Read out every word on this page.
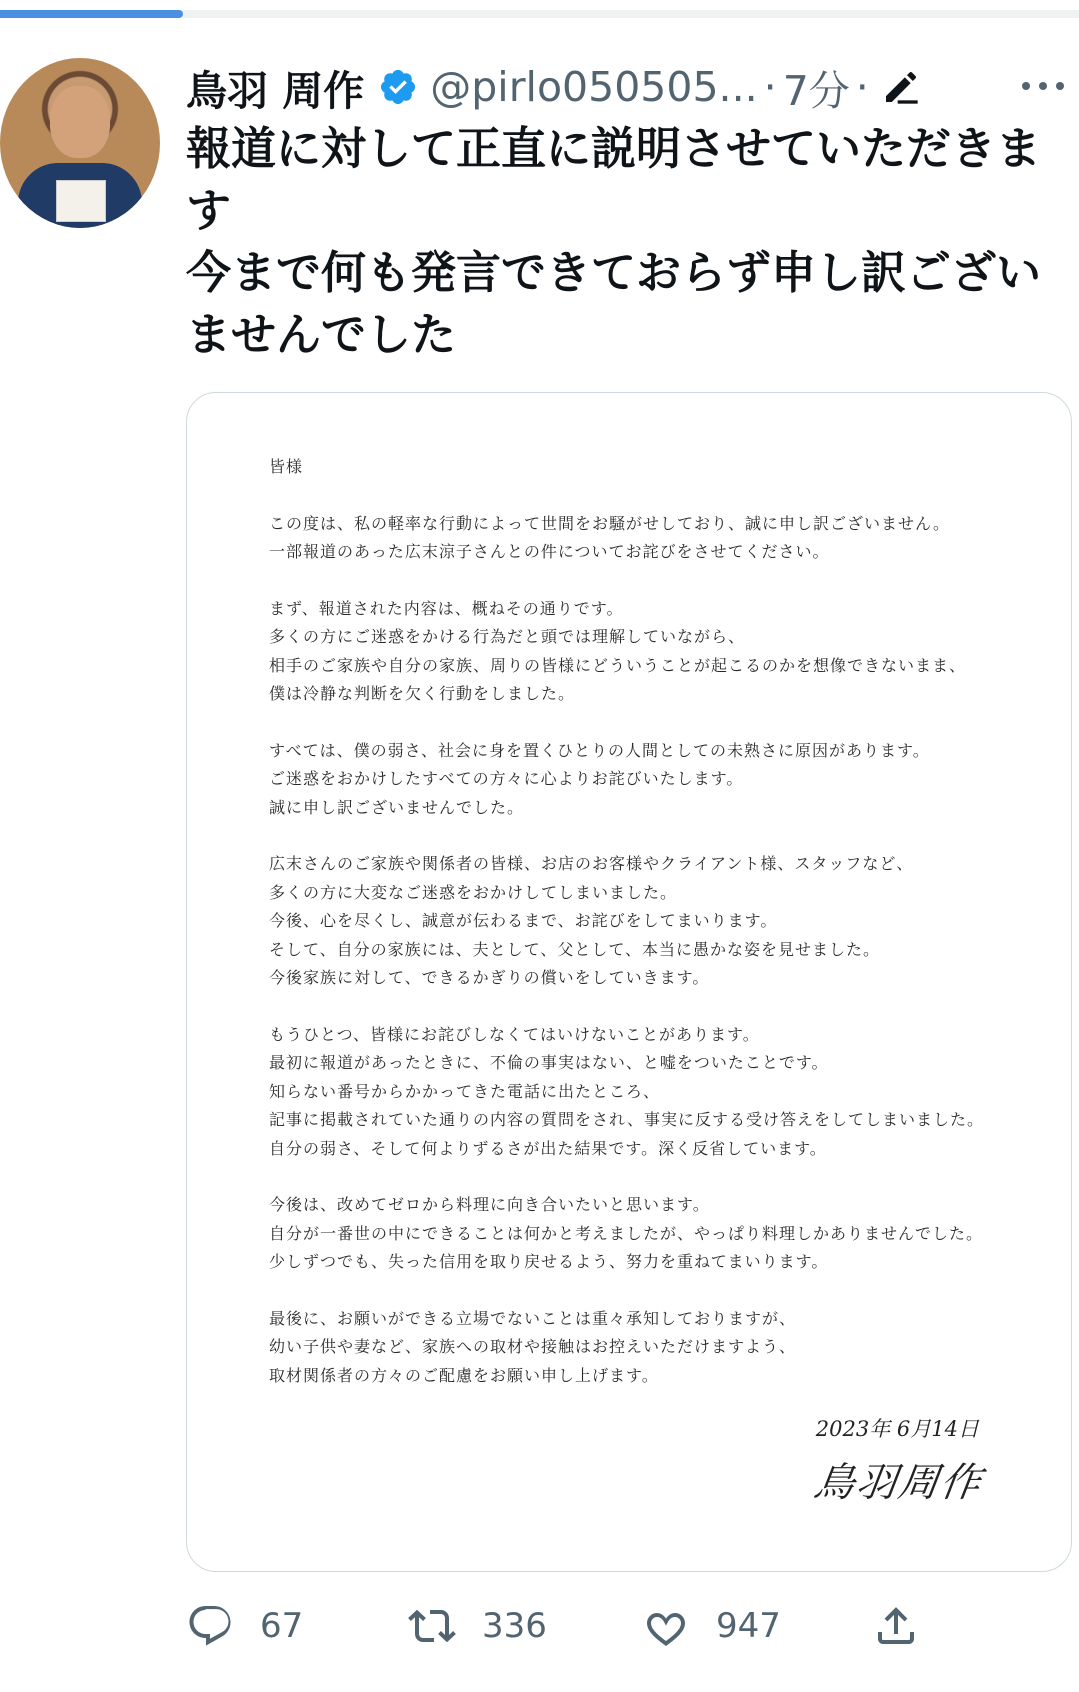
鳥羽 周作 @pirlo050505... · 7分 ·
報道に対して正直に説明させていただきます
今まで何も発言できておらず申し訳ございませんでした

皆様

この度は、私の軽率な行動によって世間をお騒がせしており、誠に申し訳ございません。
一部報道のあった広末涼子さんとの件についてお詫びをさせてください。

まず、報道された内容は、概ねその通りです。
多くの方にご迷惑をかける行為だと頭では理解していながら、
相手のご家族や自分の家族、周りの皆様にどういうことが起こるのかを想像できないまま、
僕は冷静な判断を欠く行動をしました。

すべては、僕の弱さ、社会に身を置くひとりの人間としての未熟さに原因があります。
ご迷惑をおかけしたすべての方々に心よりお詫びいたします。
誠に申し訳ございませんでした。

広末さんのご家族や関係者の皆様、お店のお客様やクライアント様、スタッフなど、
多くの方に大変なご迷惑をおかけしてしまいました。
今後、心を尽くし、誠意が伝わるまで、お詫びをしてまいります。
そして、自分の家族には、夫として、父として、本当に愚かな姿を見せました。
今後家族に対して、できるかぎりの償いをしていきます。

もうひとつ、皆様にお詫びしなくてはいけないことがあります。
最初に報道があったときに、不倫の事実はない、と嘘をついたことです。
知らない番号からかかってきた電話に出たところ、
記事に掲載されていた通りの内容の質問をされ、事実に反する受け答えをしてしまいました。
自分の弱さ、そして何よりずるさが出た結果です。深く反省しています。

今後は、改めてゼロから料理に向き合いたいと思います。
自分が一番世の中にできることは何かと考えましたが、やっぱり料理しかありませんでした。
少しずつでも、失った信用を取り戻せるよう、努力を重ねてまいります。

最後に、お願いができる立場でないことは重々承知しておりますが、
幼い子供や妻など、家族への取材や接触はお控えいただけますよう、
取材関係者の方々のご配慮をお願い申し上げます。

2023年 6月14日
鳥羽周作
67	336	947
